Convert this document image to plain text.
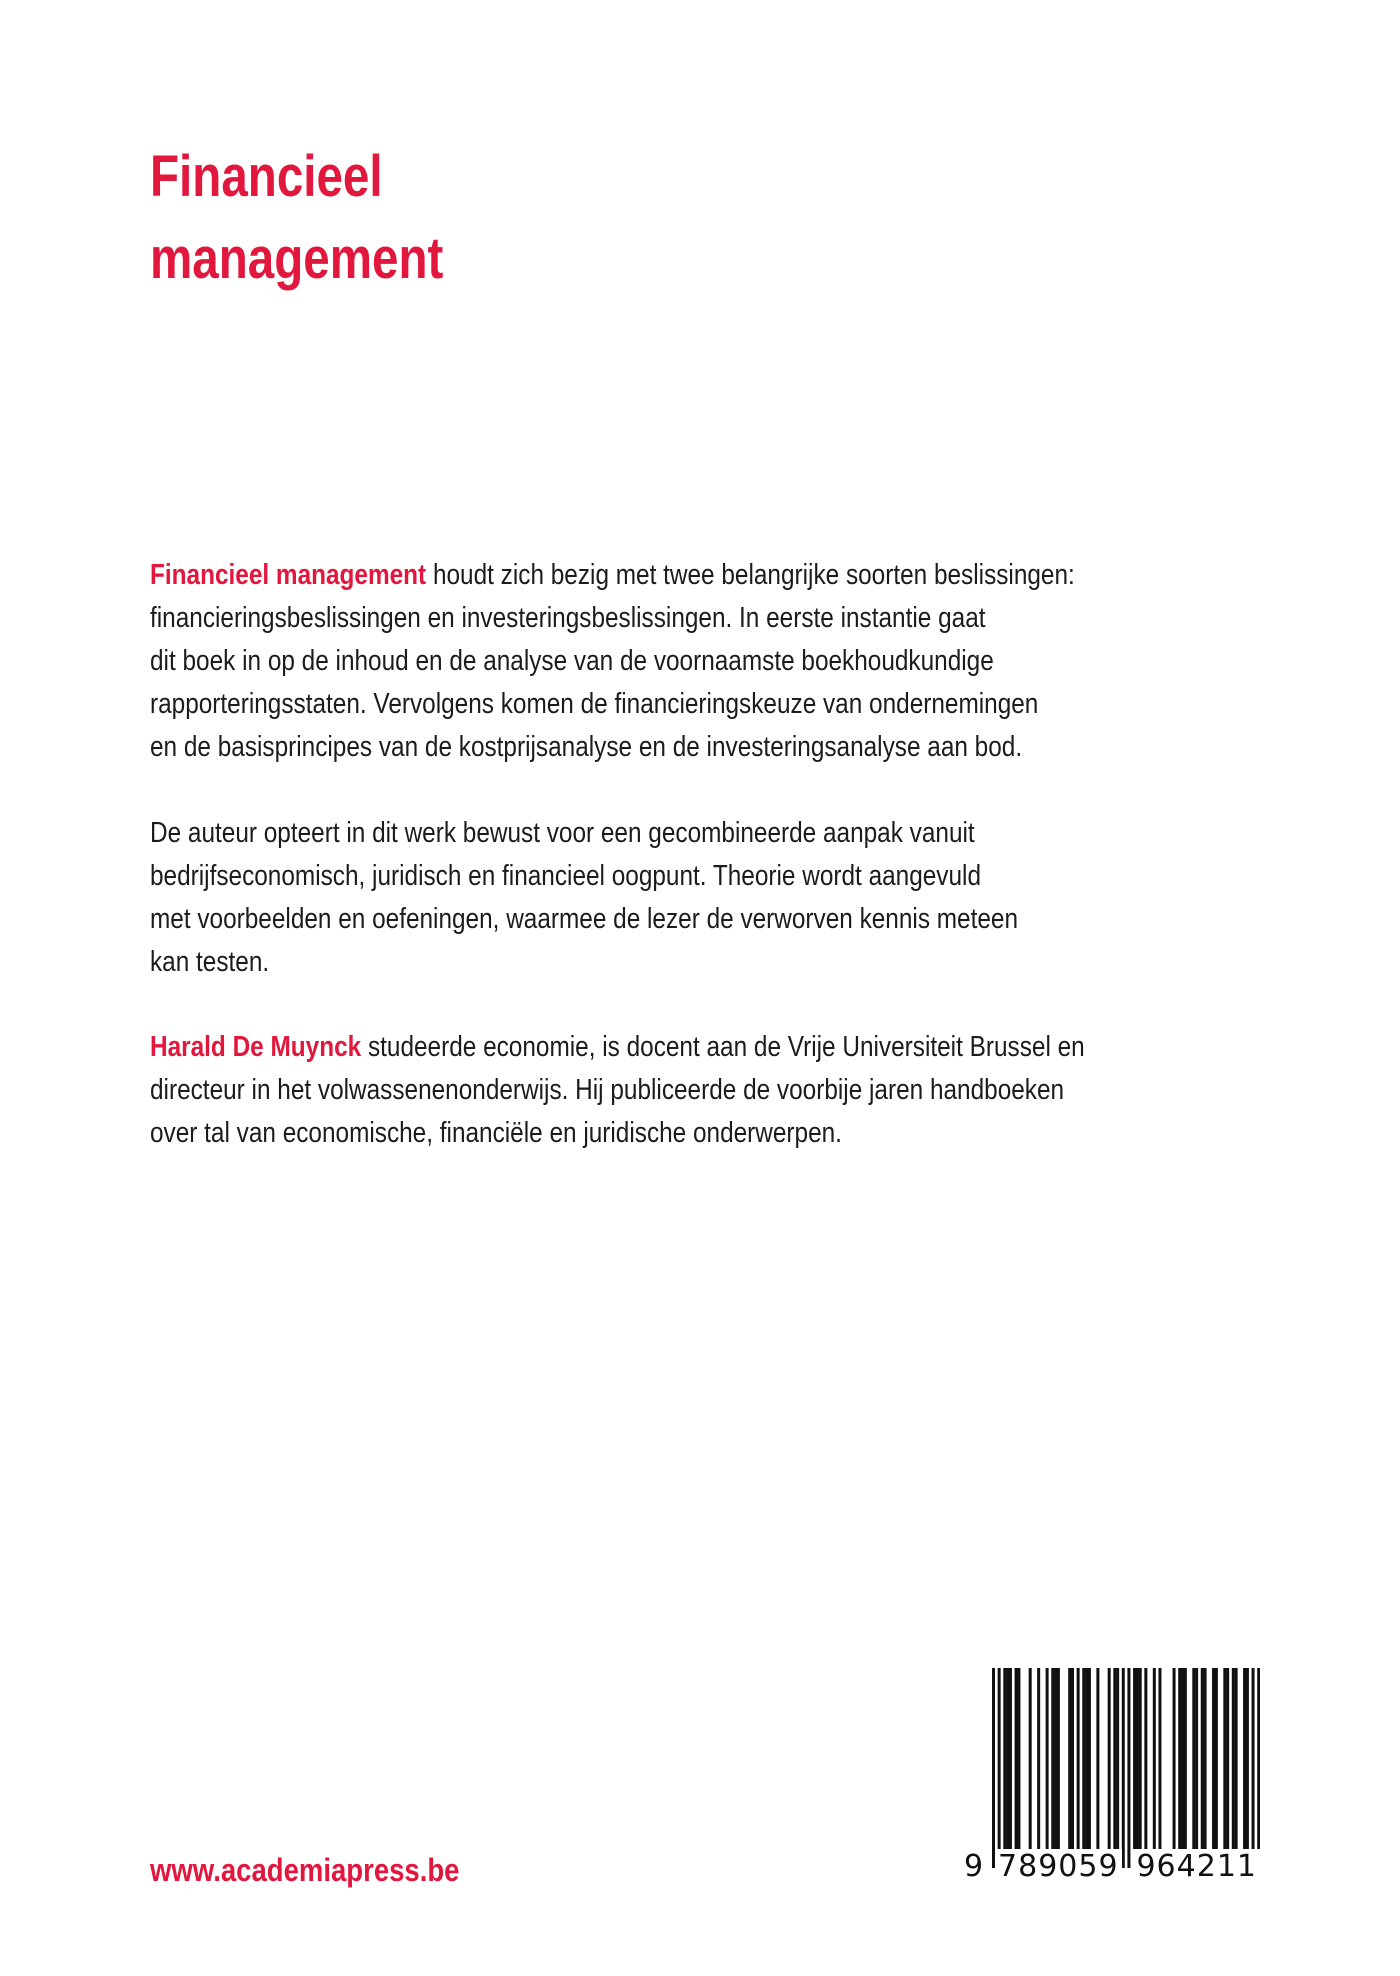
Financieel
management

Financieel management houdt zich bezig met twee belangrijke soorten beslissingen:
financieringsbeslissingen en investeringsbeslissingen. In eerste instantie gaat
dit boek in op de inhoud en de analyse van de voornaamste boekhoudkundige
rapporteringsstaten. Vervolgens komen de financieringskeuze van ondernemingen
en de basisprincipes van de kostprijsanalyse en de investeringsanalyse aan bod.

De auteur opteert in dit werk bewust voor een gecombineerde aanpak vanuit
bedrijfseconomisch, juridisch en financieel oogpunt. Theorie wordt aangevuld
met voorbeelden en oefeningen, waarmee de lezer de verworven kennis meteen
kan testen.

Harald De Muynck studeerde economie, is docent aan de Vrije Universiteit Brussel en
directeur in het volwassenenonderwijs. Hij publiceerde de voorbije jaren handboeken
over tal van economische, financiële en juridische onderwerpen.

www.academiapress.be	9 789059 964211
